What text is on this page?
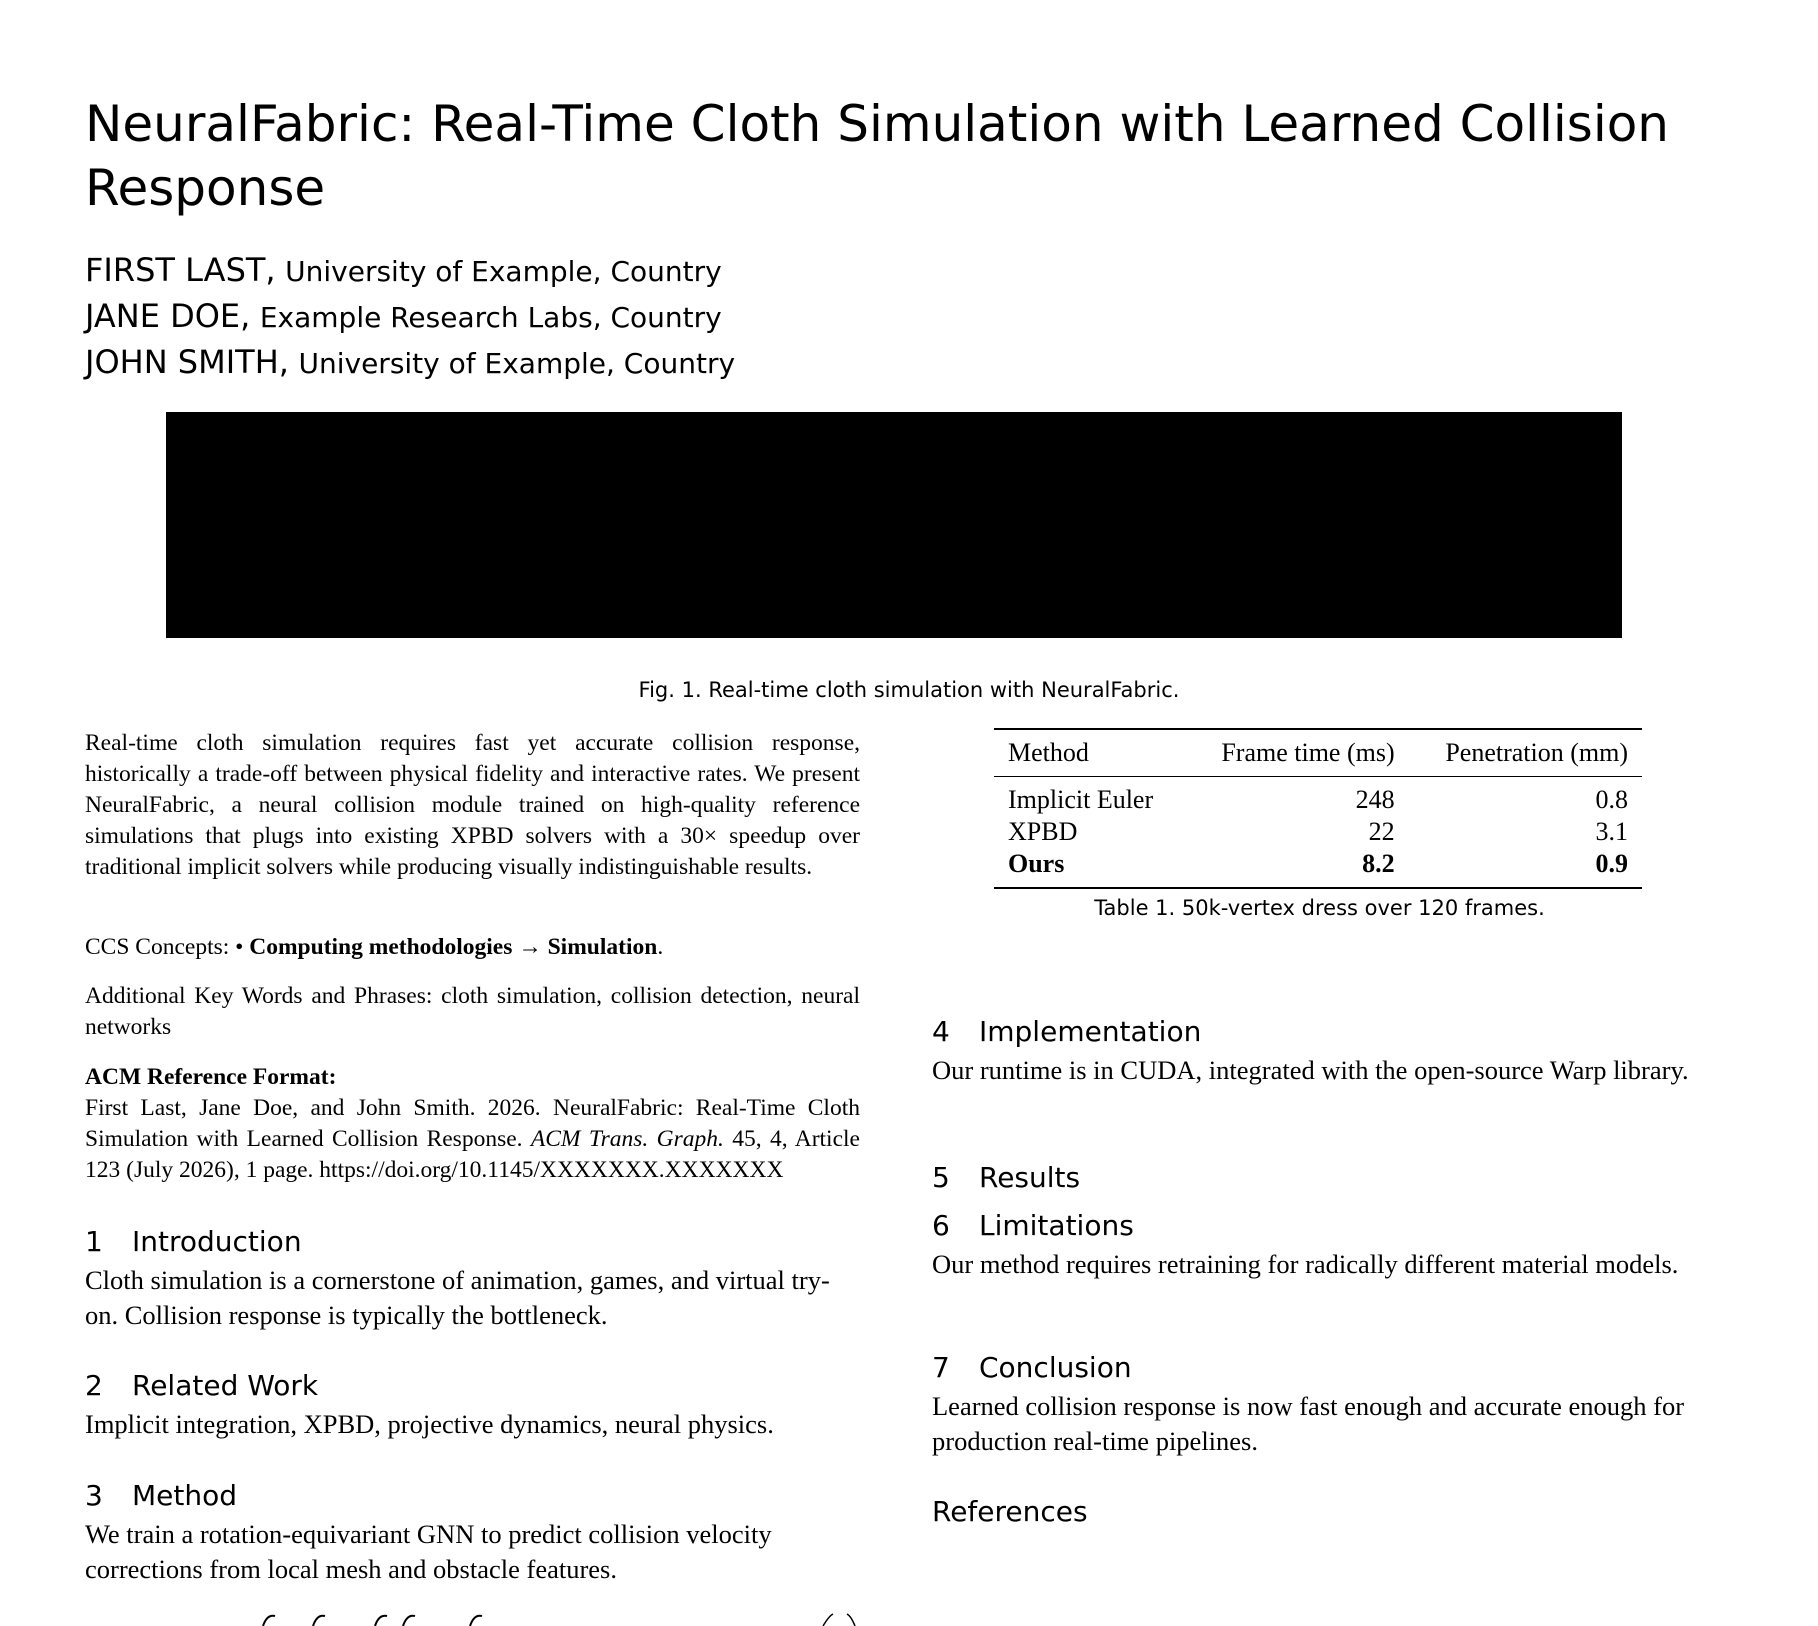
NeuralFabric: Real-Time Cloth Simulation with Learned Collision Response
FIRST LAST, University of Example, Country
JANE DOE, Example Research Labs, Country
JOHN SMITH, University of Example, Country
Fig. 1. Real-time cloth simulation with NeuralFabric.

Real-time cloth simulation requires fast yet accurate collision response, historically a trade-off between physical fidelity and interactive rates. We present NeuralFabric, a neural collision module trained on high-quality reference simulations that plugs into existing XPBD solvers with a 30× speedup over traditional implicit solvers while producing visually indistinguishable results.

CCS Concepts: • Computing methodologies → Simulation.

Additional Key Words and Phrases: cloth simulation, collision detection, neural networks

ACM Reference Format:

First Last, Jane Doe, and John Smith. 2026. NeuralFabric: Real-Time Cloth Simulation with Learned Collision Response. ACM Trans. Graph. 45, 4, Article 123 (July 2026), 1 page. https://doi.org/10.1145/XXXXXXX.XXXXXXX

1 Introduction

Cloth simulation is a cornerstone of animation, games, and virtual try-on. Collision response is typically the bottleneck.

2 Related Work

Implicit integration, XPBD, projective dynamics, neural physics.

3 Method

We train a rotation-equivariant GNN to predict collision velocity corrections from local mesh and obstacle features.

Method	Frame time (ms)	Penetration (mm)
Implicit Euler	248	0.8
XPBD	22	3.1
Ours	8.2	0.9
Table 1. 50k-vertex dress over 120 frames.
4 Implementation

Our runtime is in CUDA, integrated with the open-source Warp library.

5 Results
6 Limitations

Our method requires retraining for radically different material models.

7 Conclusion

Learned collision response is now fast enough and accurate enough for production real-time pipelines.

References
